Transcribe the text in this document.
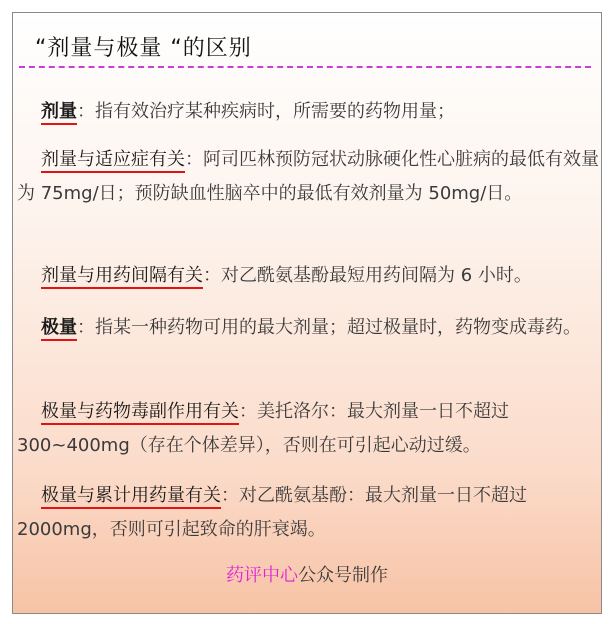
“剂量与极量 “的区别

剂量：指有效治疗某种疾病时，所需要的药物用量；

剂量与适应症有关：阿司匹林预防冠状动脉硬化性心脏病的最低有效量为 75mg/日；预防缺血性脑卒中的最低有效剂量为 50mg/日。

剂量与用药间隔有关：对乙酰氨基酚最短用药间隔为 6 小时。

极量：指某一种药物可用的最大剂量；超过极量时，药物变成毒药。

极量与药物毒副作用有关：美托洛尔：最大剂量一日不超过 300~400mg（存在个体差异），否则在可引起心动过缓。

极量与累计用药量有关：对乙酰氨基酚：最大剂量一日不超过 2000mg，否则可引起致命的肝衰竭。

药评中心公众号制作
